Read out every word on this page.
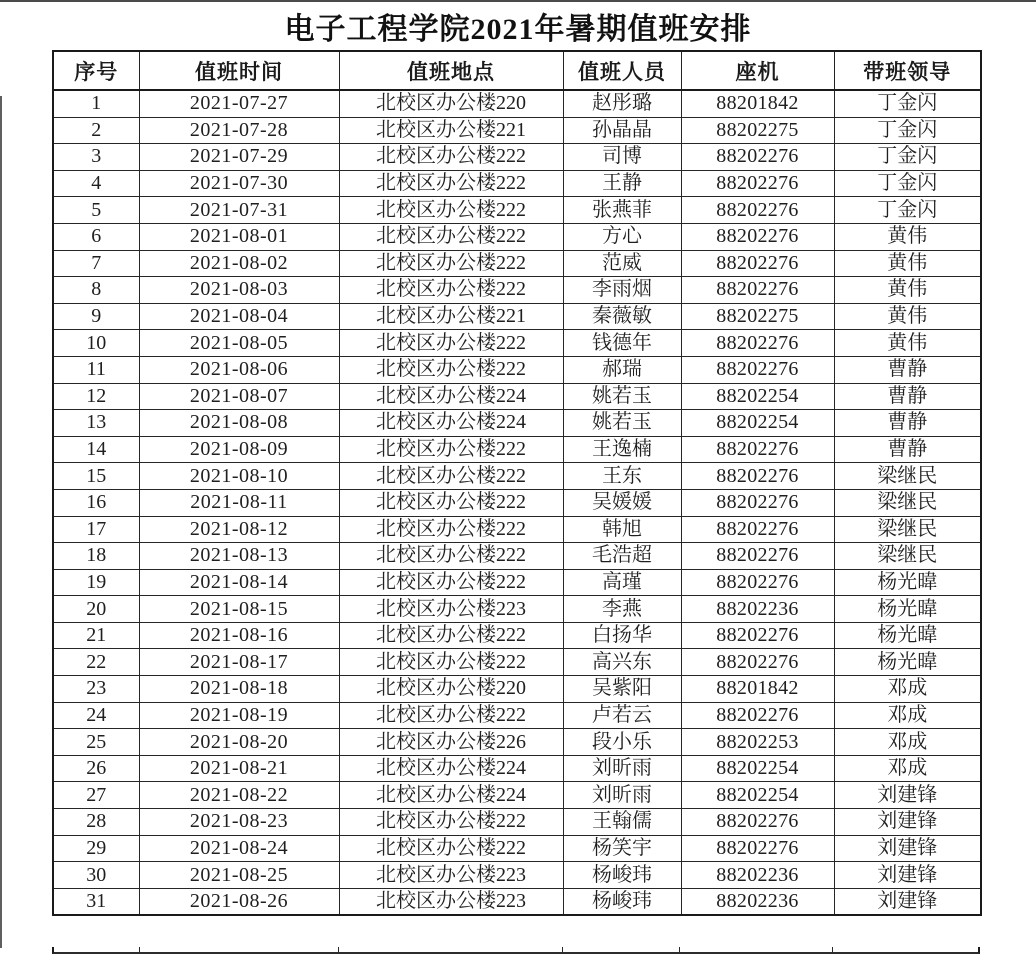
电子工程学院2021年暑期值班安排
序号	值班时间	值班地点	值班人员	座机	带班领导
1	2021-07-27	北校区办公楼220	赵彤璐	88201842	丁金闪
2	2021-07-28	北校区办公楼221	孙晶晶	88202275	丁金闪
3	2021-07-29	北校区办公楼222	司博	88202276	丁金闪
4	2021-07-30	北校区办公楼222	王静	88202276	丁金闪
5	2021-07-31	北校区办公楼222	张燕菲	88202276	丁金闪
6	2021-08-01	北校区办公楼222	方心	88202276	黄伟
7	2021-08-02	北校区办公楼222	范威	88202276	黄伟
8	2021-08-03	北校区办公楼222	李雨烟	88202276	黄伟
9	2021-08-04	北校区办公楼221	秦薇敏	88202275	黄伟
10	2021-08-05	北校区办公楼222	钱德年	88202276	黄伟
11	2021-08-06	北校区办公楼222	郝瑞	88202276	曹静
12	2021-08-07	北校区办公楼224	姚若玉	88202254	曹静
13	2021-08-08	北校区办公楼224	姚若玉	88202254	曹静
14	2021-08-09	北校区办公楼222	王逸楠	88202276	曹静
15	2021-08-10	北校区办公楼222	王东	88202276	梁继民
16	2021-08-11	北校区办公楼222	吴媛媛	88202276	梁继民
17	2021-08-12	北校区办公楼222	韩旭	88202276	梁继民
18	2021-08-13	北校区办公楼222	毛浩超	88202276	梁继民
19	2021-08-14	北校区办公楼222	高瑾	88202276	杨光暐
20	2021-08-15	北校区办公楼223	李燕	88202236	杨光暐
21	2021-08-16	北校区办公楼222	白扬华	88202276	杨光暐
22	2021-08-17	北校区办公楼222	高兴东	88202276	杨光暐
23	2021-08-18	北校区办公楼220	吴紫阳	88201842	邓成
24	2021-08-19	北校区办公楼222	卢若云	88202276	邓成
25	2021-08-20	北校区办公楼226	段小乐	88202253	邓成
26	2021-08-21	北校区办公楼224	刘昕雨	88202254	邓成
27	2021-08-22	北校区办公楼224	刘昕雨	88202254	刘建锋
28	2021-08-23	北校区办公楼222	王翰儒	88202276	刘建锋
29	2021-08-24	北校区办公楼222	杨笑宇	88202276	刘建锋
30	2021-08-25	北校区办公楼223	杨峻玮	88202236	刘建锋
31	2021-08-26	北校区办公楼223	杨峻玮	88202236	刘建锋
